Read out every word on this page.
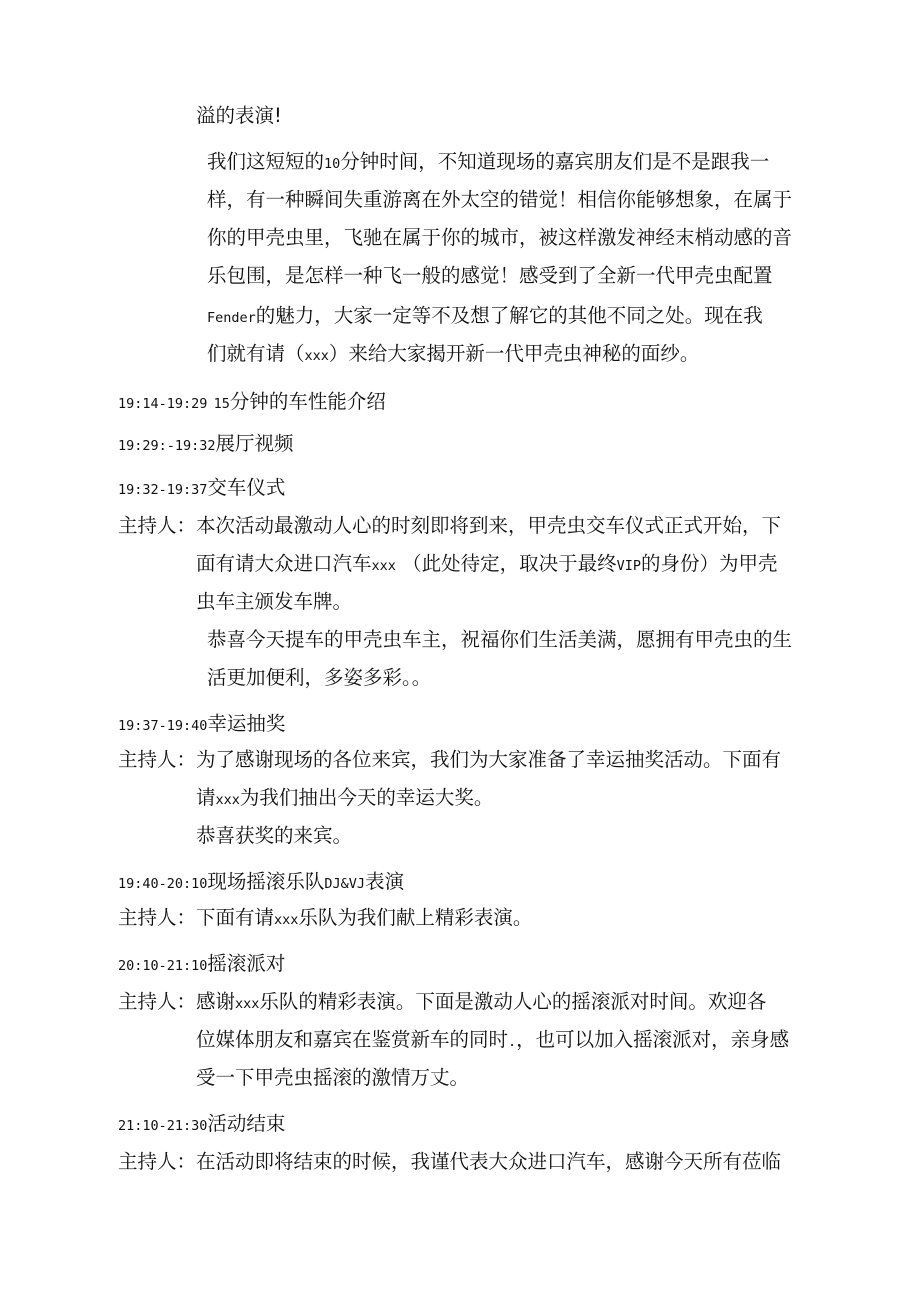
溢的表演!
我们这短短的10分钟时间，不知道现场的嘉宾朋友们是不是跟我一
样，有一种瞬间失重游离在外太空的错觉！相信你能够想象，在属于
你的甲壳虫里，飞驰在属于你的城市，被这样激发神经末梢动感的音
乐包围，是怎样一种飞一般的感觉！感受到了全新一代甲壳虫配置
Fender的魅力，大家一定等不及想了解它的其他不同之处。现在我
们就有请（xxx）来给大家揭开新一代甲壳虫神秘的面纱。
19:14-19:29 15分钟的车性能介绍
19:29:-19:32展厅视频
19:32-19:37交车仪式
主持人：本次活动最激动人心的时刻即将到来，甲壳虫交车仪式正式开始，下
面有请大众进口汽车xxx （此处待定，取决于最终VIP的身份）为甲壳
虫车主颁发车牌。
恭喜今天提车的甲壳虫车主，祝福你们生活美满，愿拥有甲壳虫的生
活更加便利，多姿多彩。。
19:37-19:40幸运抽奖
主持人：为了感谢现场的各位来宾，我们为大家准备了幸运抽奖活动。下面有
请xxx为我们抽出今天的幸运大奖。
恭喜获奖的来宾。
19:40-20:10现场摇滚乐队DJ&VJ表演
主持人：下面有请xxx乐队为我们献上精彩表演。
20:10-21:10摇滚派对
主持人：感谢xxx乐队的精彩表演。下面是激动人心的摇滚派对时间。欢迎各
位媒体朋友和嘉宾在鉴赏新车的同时.，也可以加入摇滚派对，亲身感
受一下甲壳虫摇滚的激情万丈。
21:10-21:30活动结束
主持人：在活动即将结束的时候，我谨代表大众进口汽车，感谢今天所有莅临
